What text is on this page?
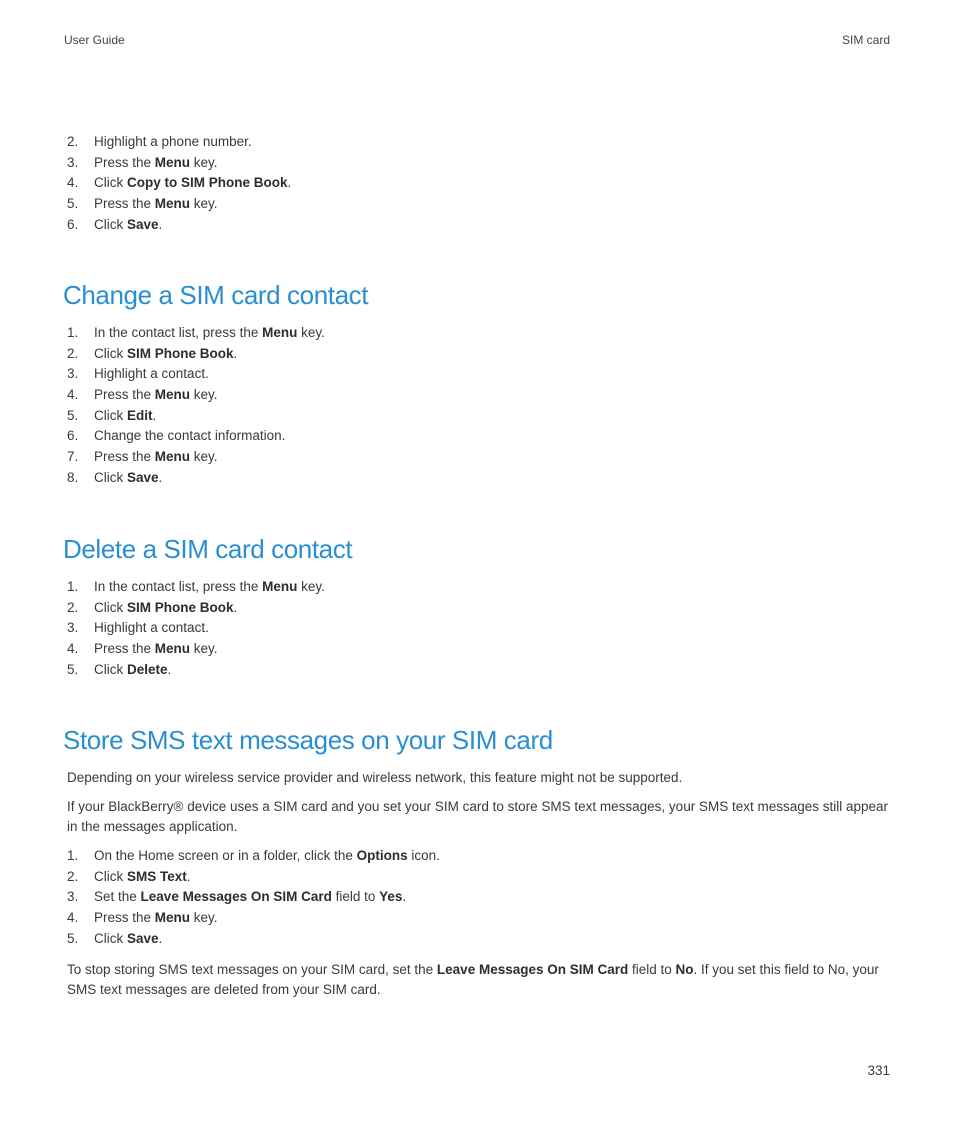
User Guide	SIM card
2. Highlight a phone number.
3. Press the Menu key.
4. Click Copy to SIM Phone Book.
5. Press the Menu key.
6. Click Save.
Change a SIM card contact
1. In the contact list, press the Menu key.
2. Click SIM Phone Book.
3. Highlight a contact.
4. Press the Menu key.
5. Click Edit.
6. Change the contact information.
7. Press the Menu key.
8. Click Save.
Delete a SIM card contact
1. In the contact list, press the Menu key.
2. Click SIM Phone Book.
3. Highlight a contact.
4. Press the Menu key.
5. Click Delete.
Store SMS text messages on your SIM card

Depending on your wireless service provider and wireless network, this feature might not be supported.

If your BlackBerry® device uses a SIM card and you set your SIM card to store SMS text messages, your SMS text messages still appear in the messages application.

1. On the Home screen or in a folder, click the Options icon.
2. Click SMS Text.
3. Set the Leave Messages On SIM Card field to Yes.
4. Press the Menu key.
5. Click Save.

To stop storing SMS text messages on your SIM card, set the Leave Messages On SIM Card field to No. If you set this field to No, your SMS text messages are deleted from your SIM card.

331
